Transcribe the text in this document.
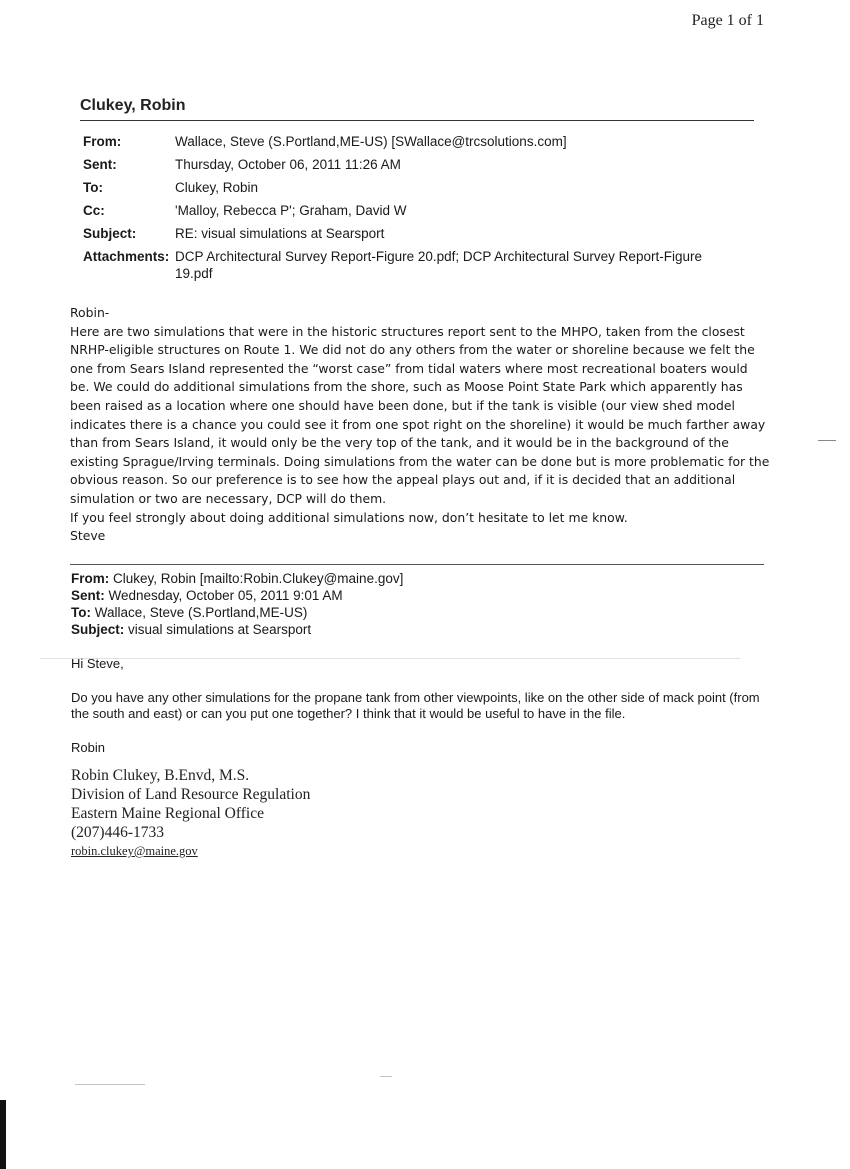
Page 1 of 1
Clukey, Robin
From:	Wallace, Steve (S.Portland,ME-US) [SWallace@trcsolutions.com]
Sent:	Thursday, October 06, 2011 11:26 AM
To:	Clukey, Robin
Cc:	'Malloy, Rebecca P'; Graham, David W
Subject:	RE: visual simulations at Searsport
Attachments: DCP Architectural Survey Report-Figure 20.pdf; DCP Architectural Survey Report-Figure 19.pdf

Robin-

Here are two simulations that were in the historic structures report sent to the MHPO, taken from the closest NRHP-eligible structures on Route 1. We did not do any others from the water or shoreline because we felt the one from Sears Island represented the “worst case” from tidal waters where most recreational boaters would be. We could do additional simulations from the shore, such as Moose Point State Park which apparently has been raised as a location where one should have been done, but if the tank is visible (our view shed model indicates there is a chance you could see it from one spot right on the shoreline) it would be much farther away than from Sears Island, it would only be the very top of the tank, and it would be in the background of the existing Sprague/Irving terminals. Doing simulations from the water can be done but is more problematic for the obvious reason. So our preference is to see how the appeal plays out and, if it is decided that an additional simulation or two are necessary, DCP will do them.

If you feel strongly about doing additional simulations now, don’t hesitate to let me know.

Steve

From: Clukey, Robin [mailto:Robin.Clukey@maine.gov]
Sent: Wednesday, October 05, 2011 9:01 AM
To: Wallace, Steve (S.Portland,ME-US)
Subject: visual simulations at Searsport

Hi Steve,

Do you have any other simulations for the propane tank from other viewpoints, like on the other side of mack point (from the south and east) or can you put one together? I think that it would be useful to have in the file.

Robin

Robin Clukey, B.Envd, M.S.
Division of Land Resource Regulation
Eastern Maine Regional Office
(207)446-1733
robin.clukey@maine.gov
